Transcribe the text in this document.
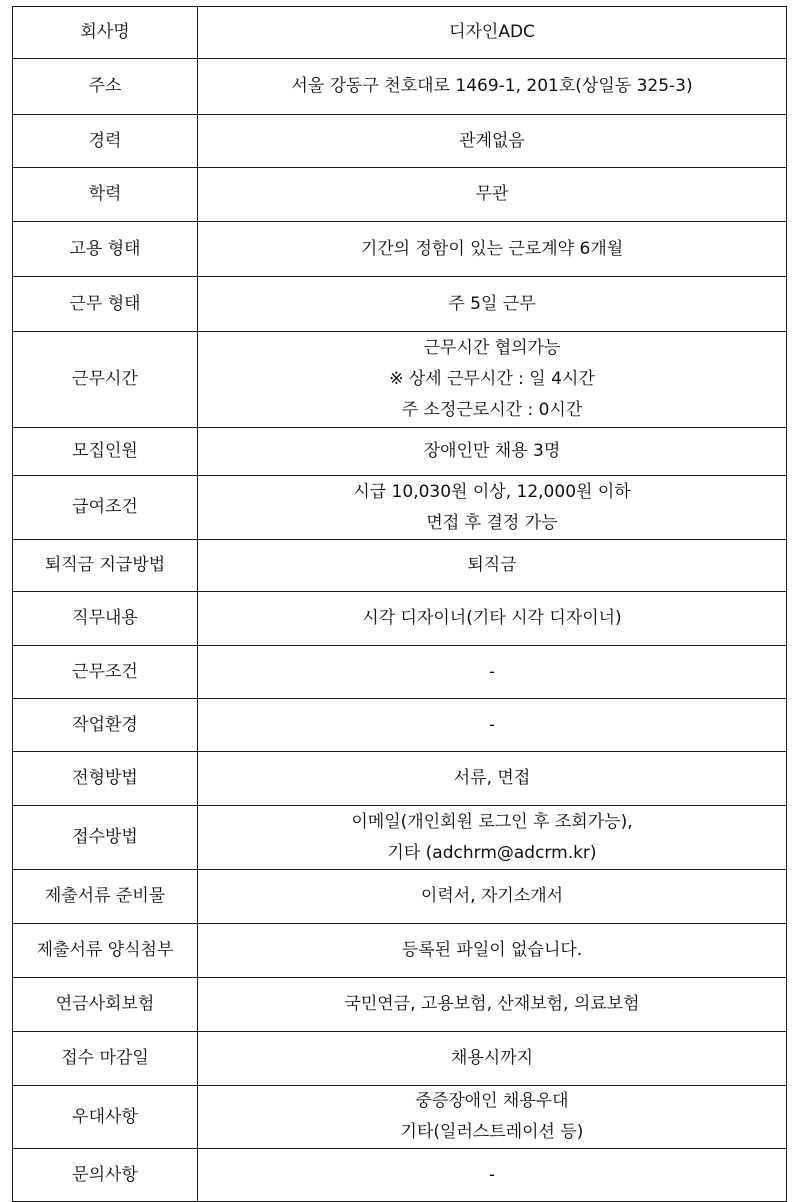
회사명	디자인ADC

주소	서울 강동구 천호대로 1469-1, 201호(상일동 325-3)

경력	관계없음

학력	무관

고용 형태	기간의 정함이 있는 근로계약 6개월

근무 형태	주 5일 근무

근무시간	근무시간 협의가능
※ 상세 근무시간 : 일 4시간
주 소정근로시간 : 0시간

모집인원	장애인만 채용 3명

급여조건	시급 10,030원 이상, 12,000원 이하
면접 후 결정 가능

퇴직금 지급방법	퇴직금

직무내용	시각 디자이너(기타 시각 디자이너)

근무조건	-

작업환경	-

전형방법	서류, 면접

접수방법	이메일(개인회원 로그인 후 조회가능),
기타 (adchrm@adcrm.kr)

제출서류 준비물	이력서, 자기소개서

제출서류 양식첨부	등록된 파일이 없습니다.

연금사회보험	국민연금, 고용보험, 산재보험, 의료보험

접수 마감일	채용시까지

우대사항	중증장애인 채용우대
기타(일러스트레이션 등)

문의사항	-
